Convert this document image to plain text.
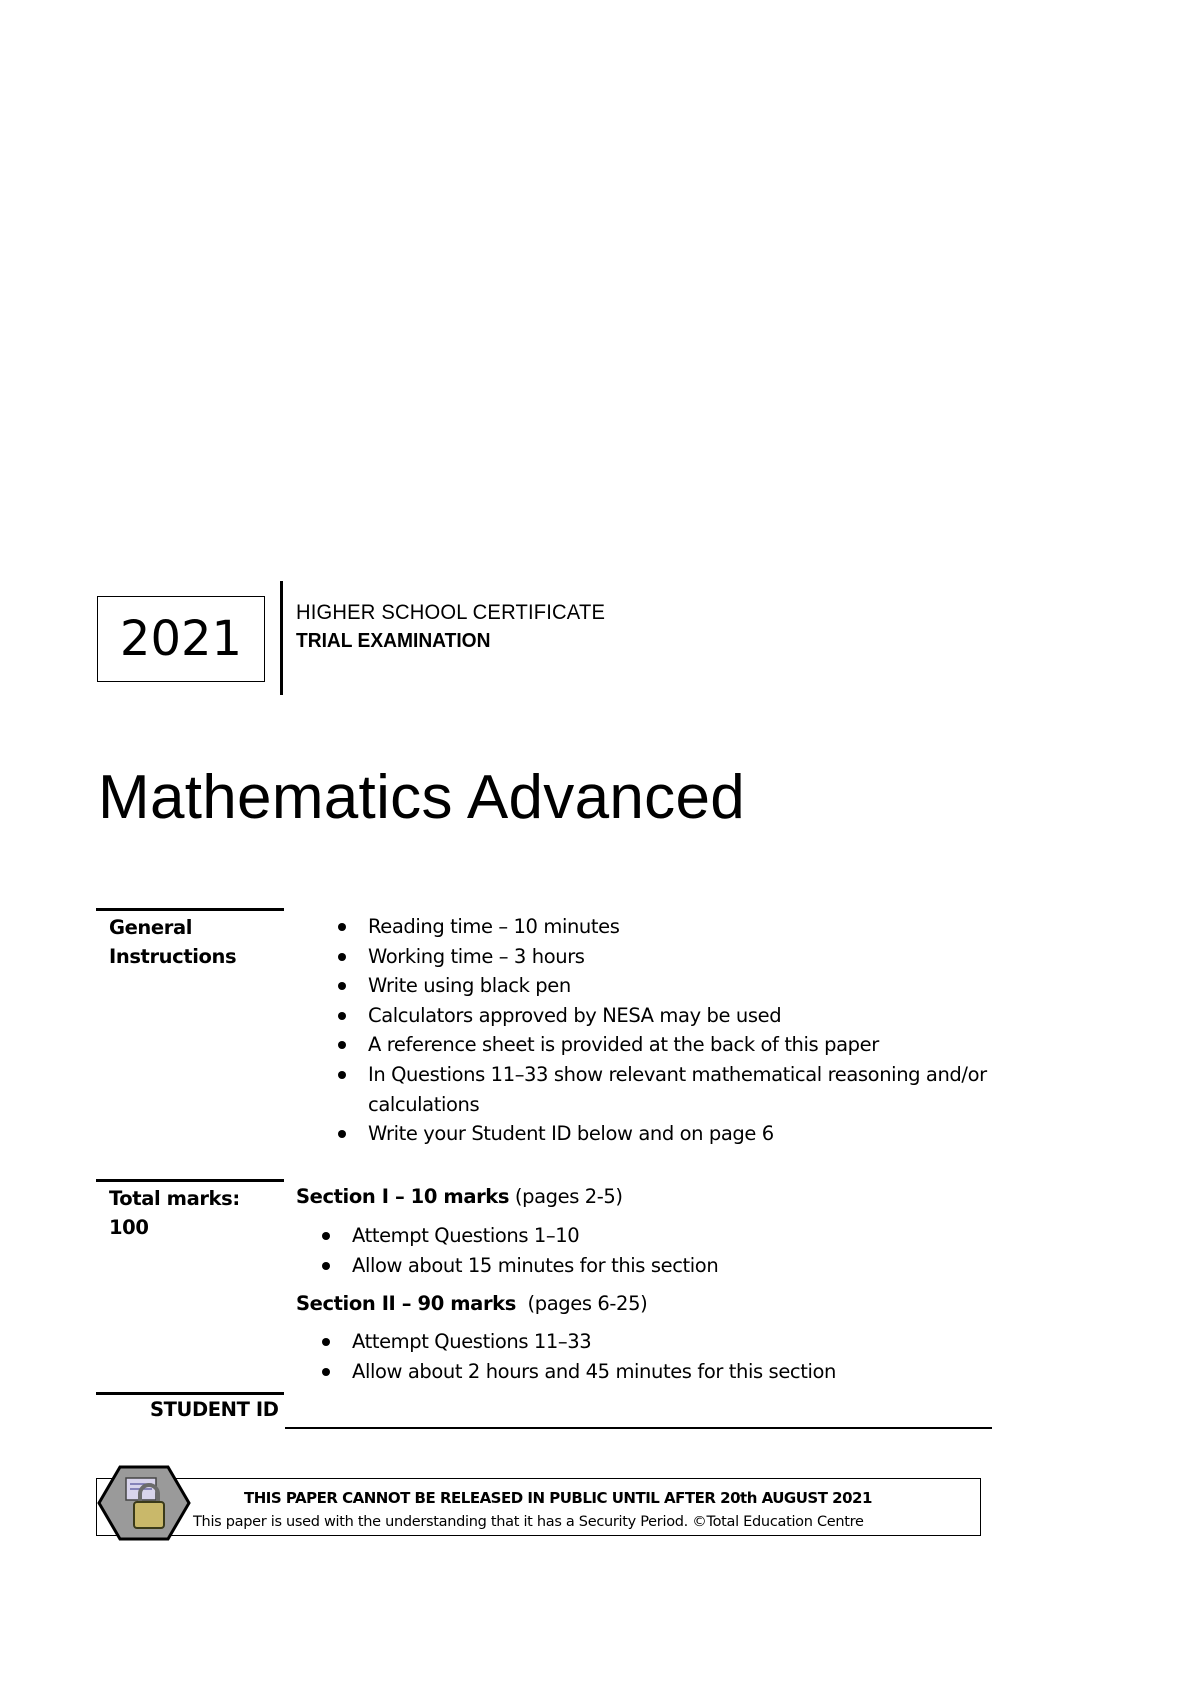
2021	HIGHER SCHOOL CERTIFICATE
TRIAL EXAMINATION
Mathematics Advanced
General
Instructions
Reading time – 10 minutes
Working time – 3 hours
Write using black pen
Calculators approved by NESA may be used
A reference sheet is provided at the back of this paper
In Questions 11–33 show relevant mathematical reasoning and/or calculations
Write your Student ID below and on page 6
Total marks:
100
Section I – 10 marks (pages 2-5)
Attempt Questions 1–10
Allow about 15 minutes for this section
Section II – 90 marks (pages 6-25)
Attempt Questions 11–33
Allow about 2 hours and 45 minutes for this section
STUDENT ID
THIS PAPER CANNOT BE RELEASED IN PUBLIC UNTIL AFTER 20th AUGUST 2021
This paper is used with the understanding that it has a Security Period. ©Total Education Centre
